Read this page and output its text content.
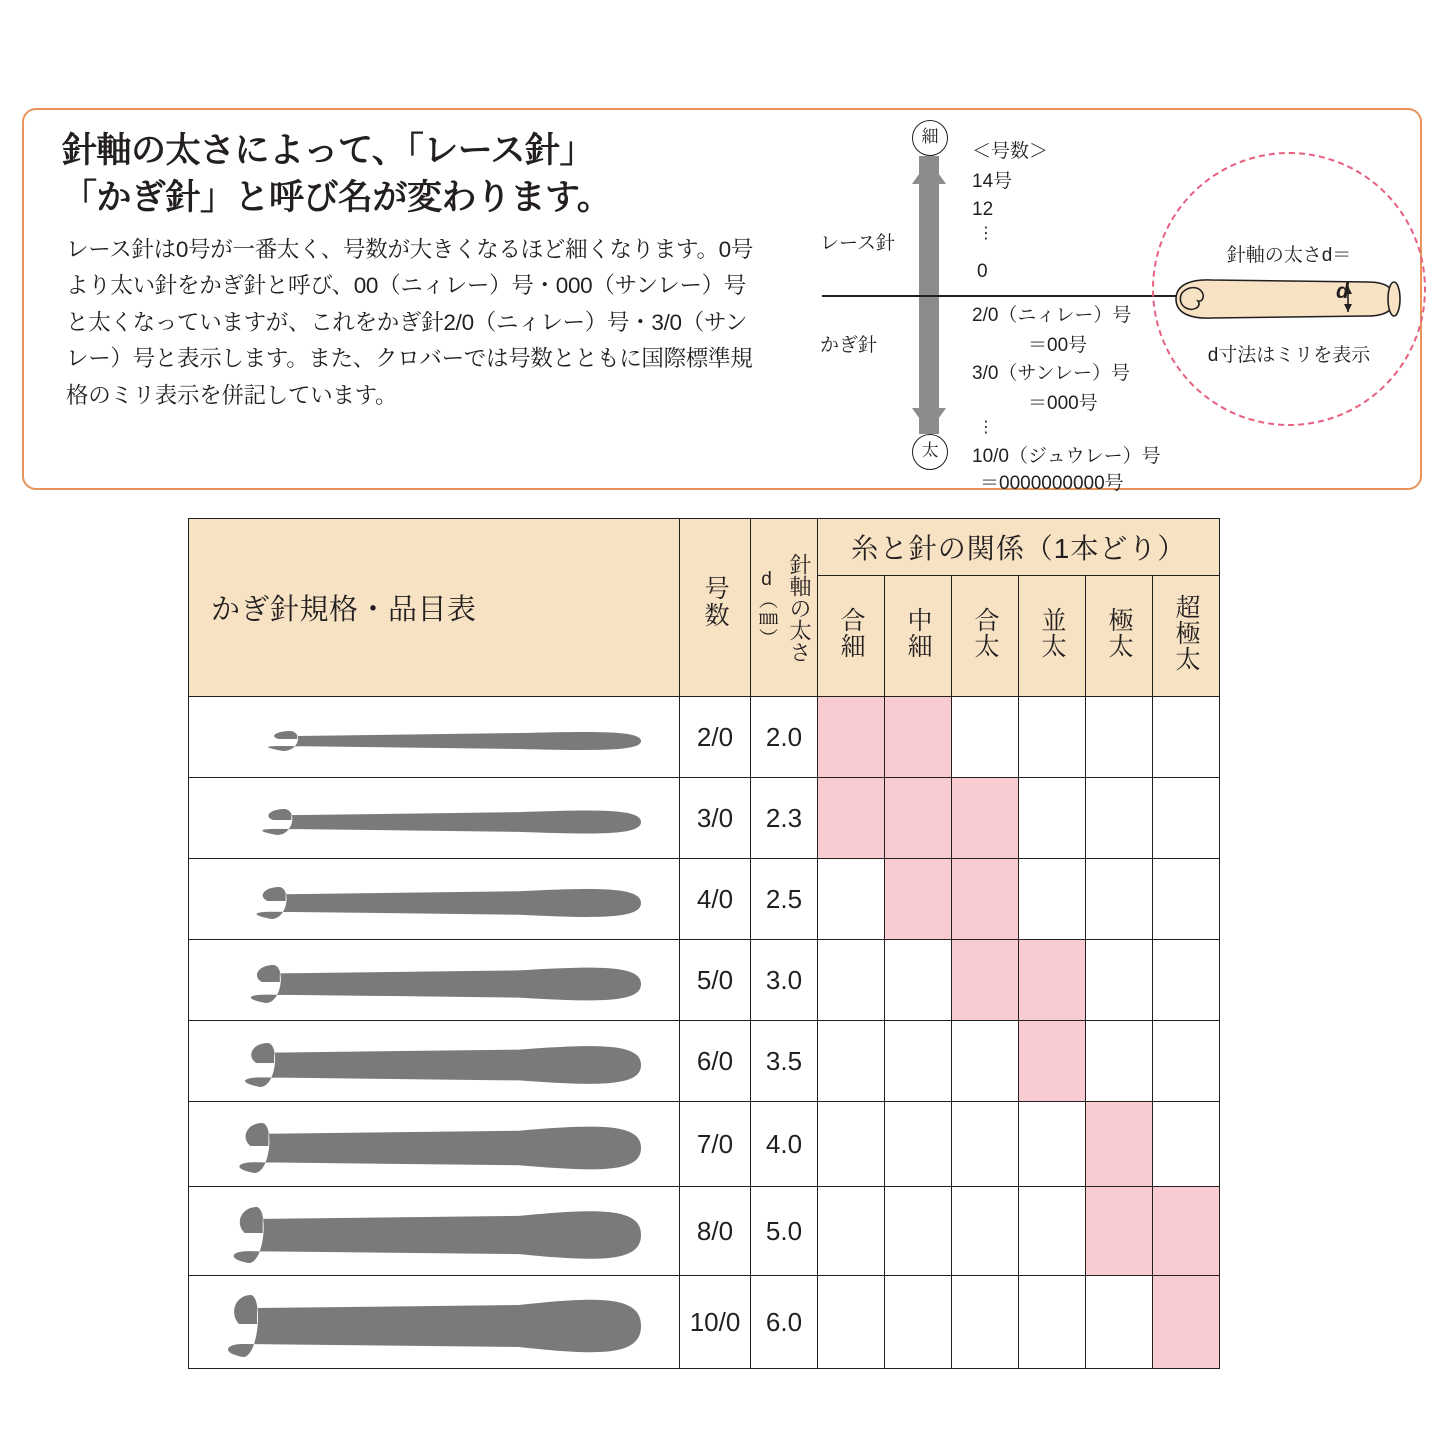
針軸の太さによって、「レース針」
「かぎ針」と呼び名が変わります。
レース針は0号が一番太く、号数が大きくなるほど細くなります。0号より太い針をかぎ針と呼び、00（ニィレー）号・000（サンレー）号と太くなっていますが、これをかぎ針2/0（ニィレー）号・3/0（サンレー）号と表示します。また、クロバーでは号数とともに国際標準規格のミリ表示を併記しています。
細
太
レース針
かぎ針
＜号数＞
14号
12
⋮
0
2/0（ニィレー）号
＝00号
3/0（サンレー）号
＝000号
⋮
10/0（ジュウレー）号
＝0000000000号
針軸の太さd＝
d
d寸法はミリを表示
かぎ針規格・品目表	号数	d（㎜） 針軸の太さ	糸と針の関係（1本どり）					
			合細	中細	合太	並太	極太	超極太

	2/0	2.0						

	3/0	2.3						

	4/0	2.5						

	5/0	3.0						

	6/0	3.5						

	7/0	4.0						

	8/0	5.0						

	10/0	6.0						
